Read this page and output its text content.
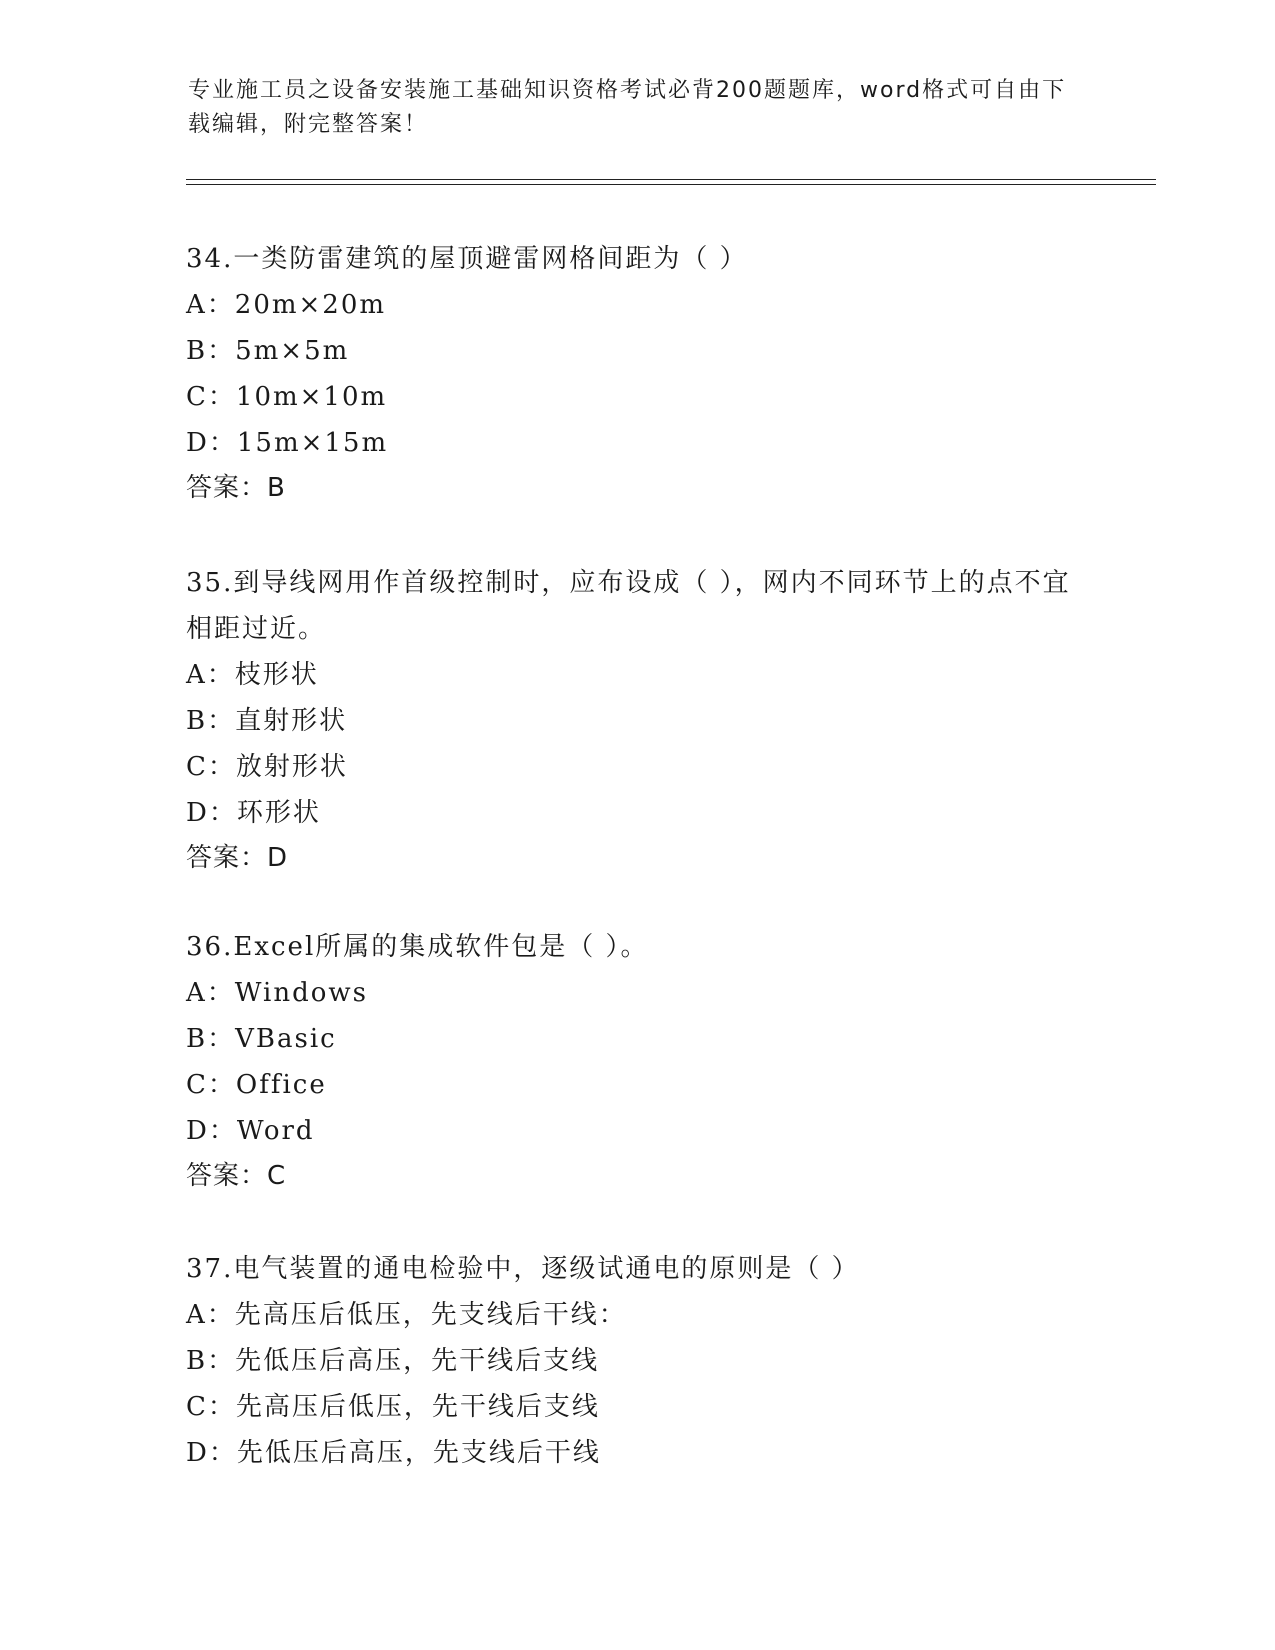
专业施工员之设备安装施工基础知识资格考试必背200题题库，word格式可自由下载编辑，附完整答案！

34.一类防雷建筑的屋顶避雷网格间距为（ ）

A：20m×20m

B：5m×5m

C：10m×10m

D：15m×15m

答案：B

35.到导线网用作首级控制时，应布设成（ ），网内不同环节上的点不宜相距过近。

A：枝形状

B：直射形状

C：放射形状

D：环形状

答案：D

36.Excel所属的集成软件包是（ ）。

A：Windows

B：VBasic

C：Office

D：Word

答案：C

37.电气装置的通电检验中，逐级试通电的原则是（ ）

A：先高压后低压，先支线后干线：

B：先低压后高压，先干线后支线

C：先高压后低压，先干线后支线

D：先低压后高压，先支线后干线
